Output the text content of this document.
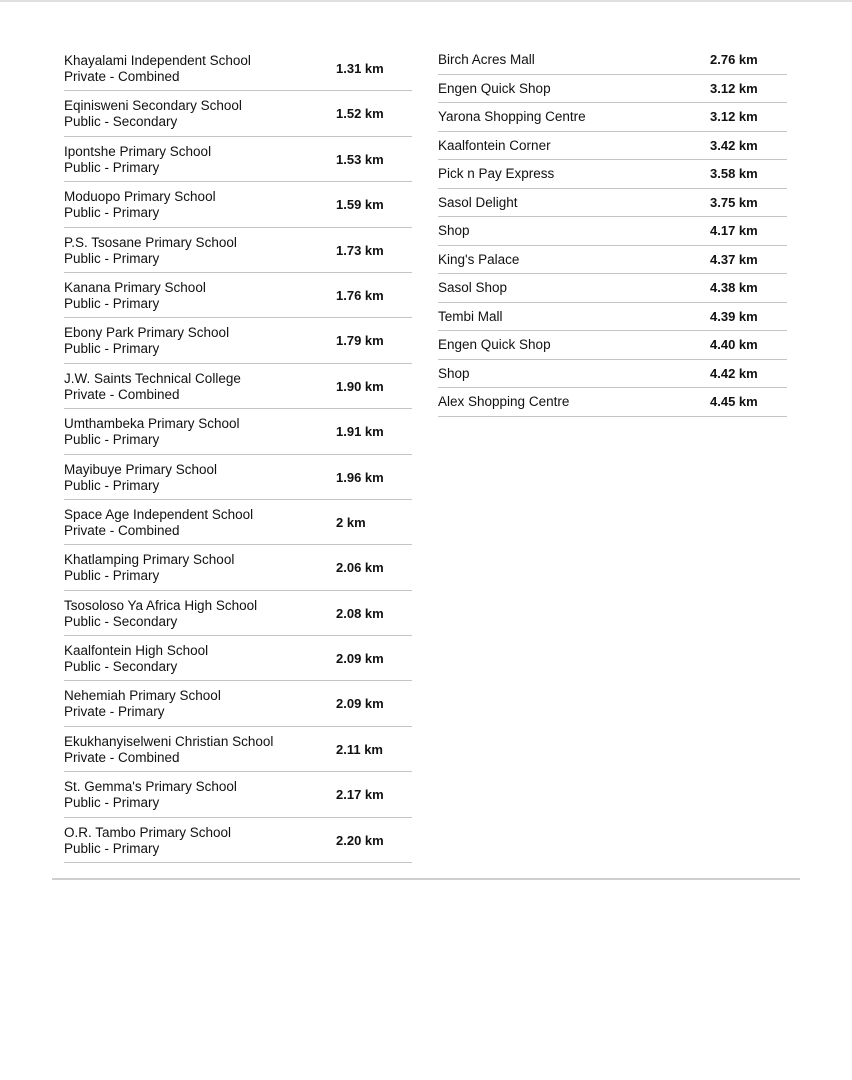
Khayalami Independent School
Private - Combined
1.31 km
Eqinisweni Secondary School
Public - Secondary
1.52 km
Ipontshe Primary School
Public - Primary
1.53 km
Moduopo Primary School
Public - Primary
1.59 km
P.S. Tsosane Primary School
Public - Primary
1.73 km
Kanana Primary School
Public - Primary
1.76 km
Ebony Park Primary School
Public - Primary
1.79 km
J.W. Saints Technical College
Private - Combined
1.90 km
Umthambeka Primary School
Public - Primary
1.91 km
Mayibuye Primary School
Public - Primary
1.96 km
Space Age Independent School
Private - Combined
2 km
Khatlamping Primary School
Public - Primary
2.06 km
Tsosoloso Ya Africa High School
Public - Secondary
2.08 km
Kaalfontein High School
Public - Secondary
2.09 km
Nehemiah Primary School
Private - Primary
2.09 km
Ekukhanyiselweni Christian School
Private - Combined
2.11 km
St. Gemma's Primary School
Public - Primary
2.17 km
O.R. Tambo Primary School
Public - Primary
2.20 km
Birch Acres Mall	2.76 km
Engen Quick Shop	3.12 km
Yarona Shopping Centre	3.12 km
Kaalfontein Corner	3.42 km
Pick n Pay Express	3.58 km
Sasol Delight	3.75 km
Shop	4.17 km
King's Palace	4.37 km
Sasol Shop	4.38 km
Tembi Mall	4.39 km
Engen Quick Shop	4.40 km
Shop	4.42 km
Alex Shopping Centre	4.45 km
